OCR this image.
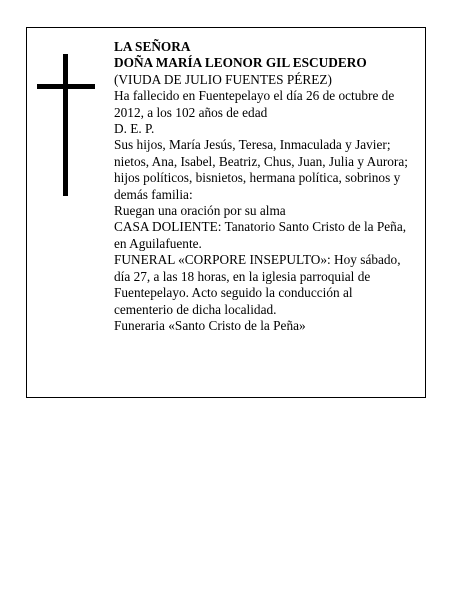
LA SEÑORA
DOÑA MARÍA LEONOR GIL ESCUDERO
(VIUDA DE JULIO FUENTES PÉREZ)
Ha fallecido en Fuentepelayo el día 26 de octubre de 2012, a los 102 años de edad
D. E. P.
Sus hijos, María Jesús, Teresa, Inmaculada y Javier; nietos, Ana, Isabel, Beatriz, Chus, Juan, Julia y Aurora; hijos políticos, bisnietos, hermana política, sobrinos y demás familia:
Ruegan una oración por su alma
CASA DOLIENTE: Tanatorio Santo Cristo de la Peña, en Aguilafuente.
FUNERAL «CORPORE INSEPULTO»: Hoy sábado, día 27, a las 18 horas, en la iglesia parroquial de Fuentepelayo. Acto seguido la conducción al cementerio de dicha localidad.
Funeraria «Santo Cristo de la Peña»
